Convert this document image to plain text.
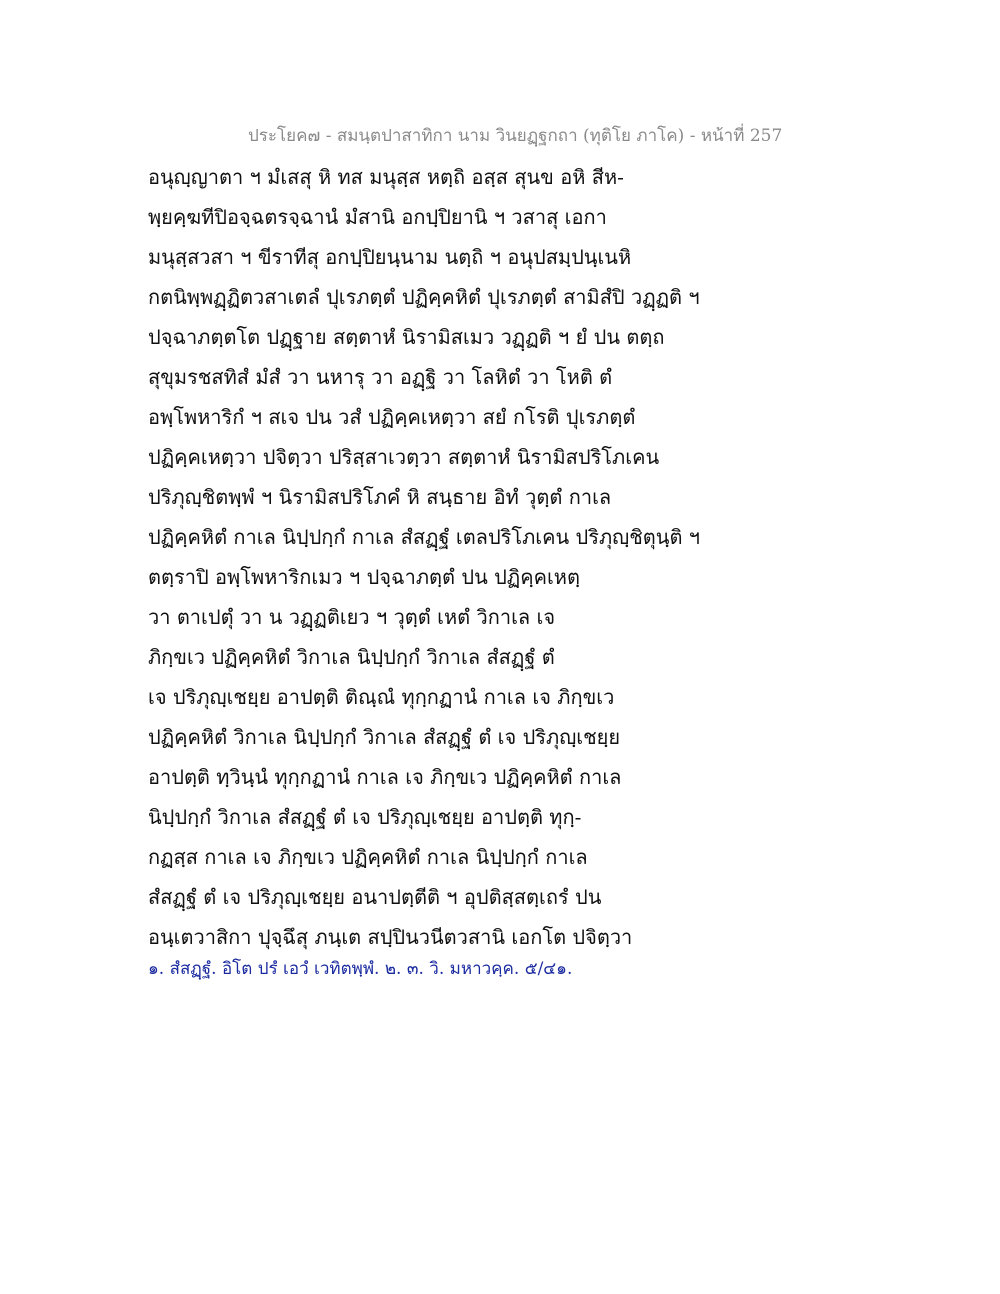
ประโยค๗ - สมนฺตปาสาทิกา นาม วินยฏฺฐกถา (ทุติโย ภาโค) - หน้าที่ 257
อนุญฺญาตา ฯ มํเสสุ หิ ทส มนุสฺส หตฺถิ อสฺส สุนข อหิ สีห-
พฺยคฺฆทีปิอจฺฉตรจฺฉานํ มํสานิ อกปฺปิยานิ ฯ วสาสุ เอกา
มนุสฺสวสา ฯ ขีราทีสุ อกปฺปิยนฺนาม นตฺถิ ฯ อนุปสมฺปนฺเนหิ
กตนิพฺพฏฺฏิตวสาเตลํ ปุเรภตฺตํ ปฏิคฺคหิตํ ปุเรภตฺตํ สามิสํปิ วฏฺฏติ ฯ
ปจฺฉาภตฺตโต ปฏฺฐาย สตฺตาหํ นิรามิสเมว วฏฺฏติ ฯ ยํ ปน ตตฺถ
สุขุมรชสทิสํ มํสํ วา นหารุ วา อฏฺฐิ วา โลหิตํ วา โหติ ตํ
อพฺโพหาริกํ ฯ สเจ ปน วสํ ปฏิคฺคเหตฺวา สยํ กโรติ ปุเรภตฺตํ
ปฏิคฺคเหตฺวา ปจิตฺวา ปริสฺสาเวตฺวา สตฺตาหํ นิรามิสปริโภเคน
ปริภุญฺชิตพฺพํ ฯ นิรามิสปริโภคํ หิ สนฺธาย อิทํ วุตฺตํ กาเล
ปฏิคฺคหิตํ กาเล นิปฺปกฺกํ กาเล สํสฏฺฐํ เตลปริโภเคน ปริภุญฺชิตุนฺติ ฯ
ตตฺราปิ อพฺโพหาริกเมว ฯ ปจฺฉาภตฺตํ ปน ปฏิคฺคเหตฺ
วา ตาเปตุํ วา น วฏฺฏติเยว ฯ วุตฺตํ เหตํ วิกาเล เจ
ภิกฺขเว ปฏิคฺคหิตํ วิกาเล นิปฺปกฺกํ วิกาเล สํสฏฺฐํ ตํ
เจ ปริภุญฺเชยฺย อาปตฺติ ติณฺณํ ทุกฺกฏานํ กาเล เจ ภิกฺขเว
ปฏิคฺคหิตํ วิกาเล นิปฺปกฺกํ วิกาเล สํสฏฺฐํ ตํ เจ ปริภุญฺเชยฺย
อาปตฺติ ทฺวินฺนํ ทุกฺกฏานํ กาเล เจ ภิกฺขเว ปฏิคฺคหิตํ กาเล
นิปฺปกฺกํ วิกาเล สํสฏฺฐํ ตํ เจ ปริภุญฺเชยฺย อาปตฺติ ทุกฺ-
กฏสฺส กาเล เจ ภิกฺขเว ปฏิคฺคหิตํ กาเล นิปฺปกฺกํ กาเล
สํสฏฺฐํ ตํ เจ ปริภุญฺเชยฺย อนาปตฺตีติ ฯ อุปติสฺสตฺเถรํ ปน
อนฺเตวาสิกา ปุจฺฉึสุ ภนฺเต สปฺปินวนีตวสานิ เอกโต ปจิตฺวา
๑. สํสฏฺฐํ. อิโต ปรํ เอวํ เวทิตพฺพํ. ๒. ๓. วิ. มหาวคฺค. ๕/๔๑.
